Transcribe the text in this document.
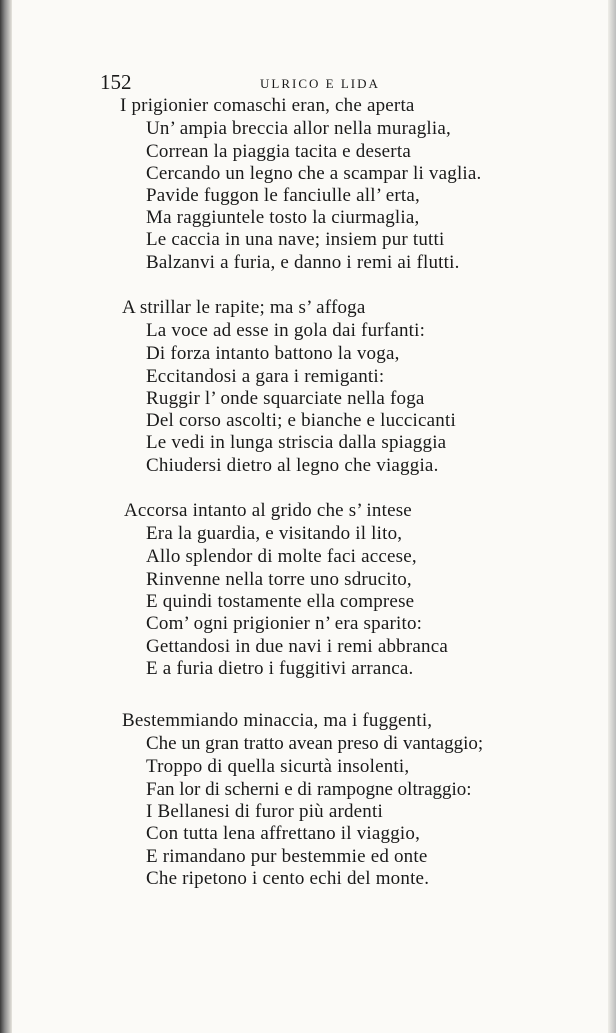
152	ULRICO E LIDA
I prigionier comaschi eran, che aperta
Un’ ampia breccia allor nella muraglia,
Correan la piaggia tacita e deserta
Cercando un legno che a scampar li vaglia.
Pavide fuggon le fanciulle all’ erta,
Ma raggiuntele tosto la ciurmaglia,
Le caccia in una nave; insiem pur tutti
Balzanvi a furia, e danno i remi ai flutti.
A strillar le rapite; ma s’ affoga
La voce ad esse in gola dai furfanti:
Di forza intanto battono la voga,
Eccitandosi a gara i remiganti:
Ruggir l’ onde squarciate nella foga
Del corso ascolti; e bianche e luccicanti
Le vedi in lunga striscia dalla spiaggia
Chiudersi dietro al legno che viaggia.
Accorsa intanto al grido che s’ intese
Era la guardia, e visitando il lito,
Allo splendor di molte faci accese,
Rinvenne nella torre uno sdrucito,
E quindi tostamente ella comprese
Com’ ogni prigionier n’ era sparito:
Gettandosi in due navi i remi abbranca
E a furia dietro i fuggitivi arranca.
Bestemmiando minaccia, ma i fuggenti,
Che un gran tratto avean preso di vantaggio;
Troppo di quella sicurtà insolenti,
Fan lor di scherni e di rampogne oltraggio:
I Bellanesi di furor più ardenti
Con tutta lena affrettano il viaggio,
E rimandano pur bestemmie ed onte
Che ripetono i cento echi del monte.
